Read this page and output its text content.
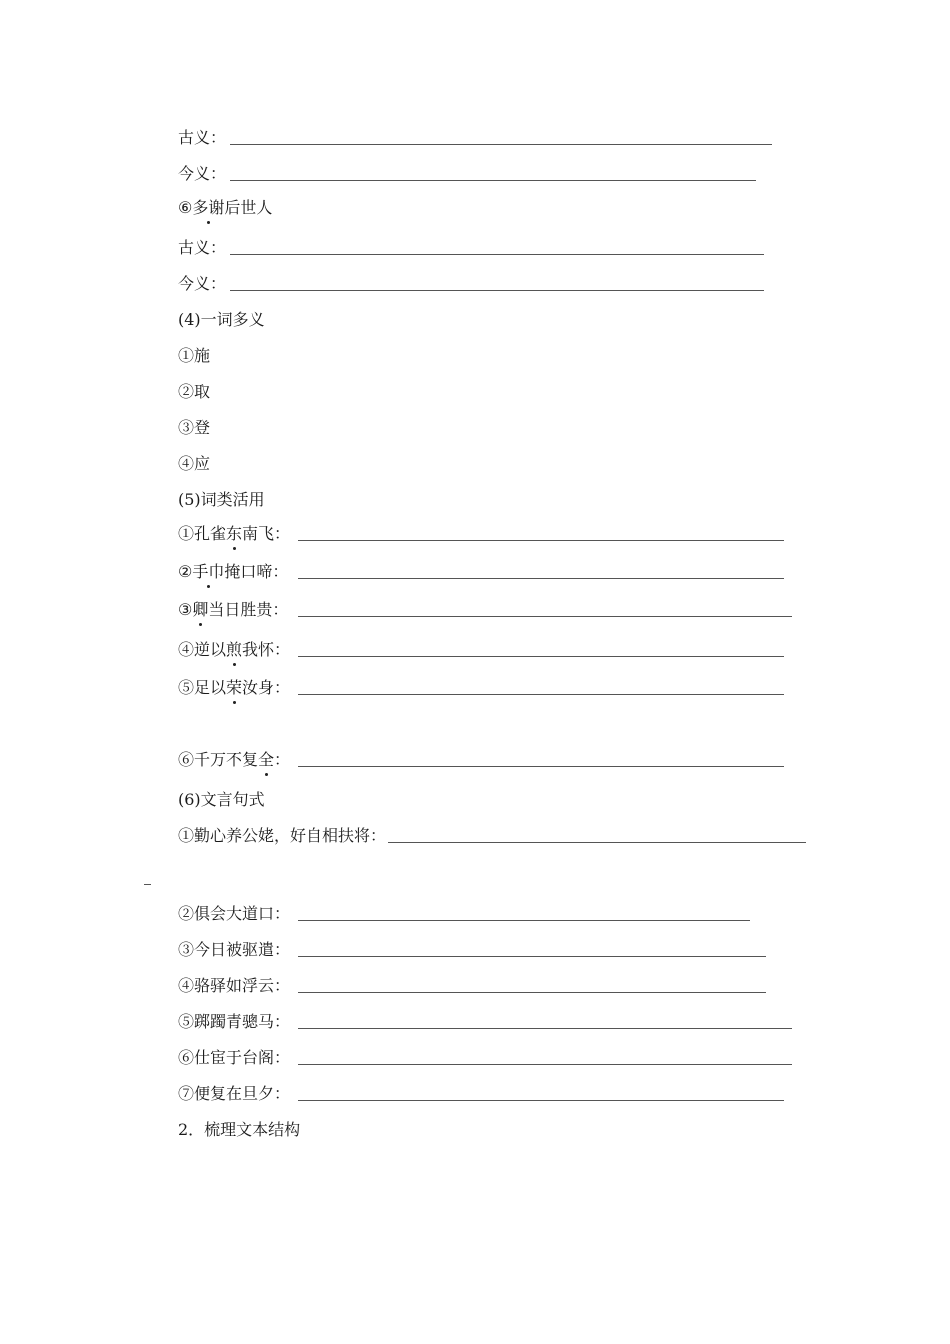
古义：
今义：
⑥多谢后世人
古义：
今义：
(4)一词多义
①施
②取
③登
④应
(5)词类活用
①孔雀东南飞：
②手巾掩口啼：
③卿当日胜贵：
④逆以煎我怀：
⑤足以荣汝身：
⑥千万不复全：
(6)文言句式
①勤心养公姥，好自相扶将：
②俱会大道口：
③今日被驱遣：
④骆驿如浮云：
⑤踯躅青骢马：
⑥仕宦于台阁：
⑦便复在旦夕：
2．梳理文本结构
